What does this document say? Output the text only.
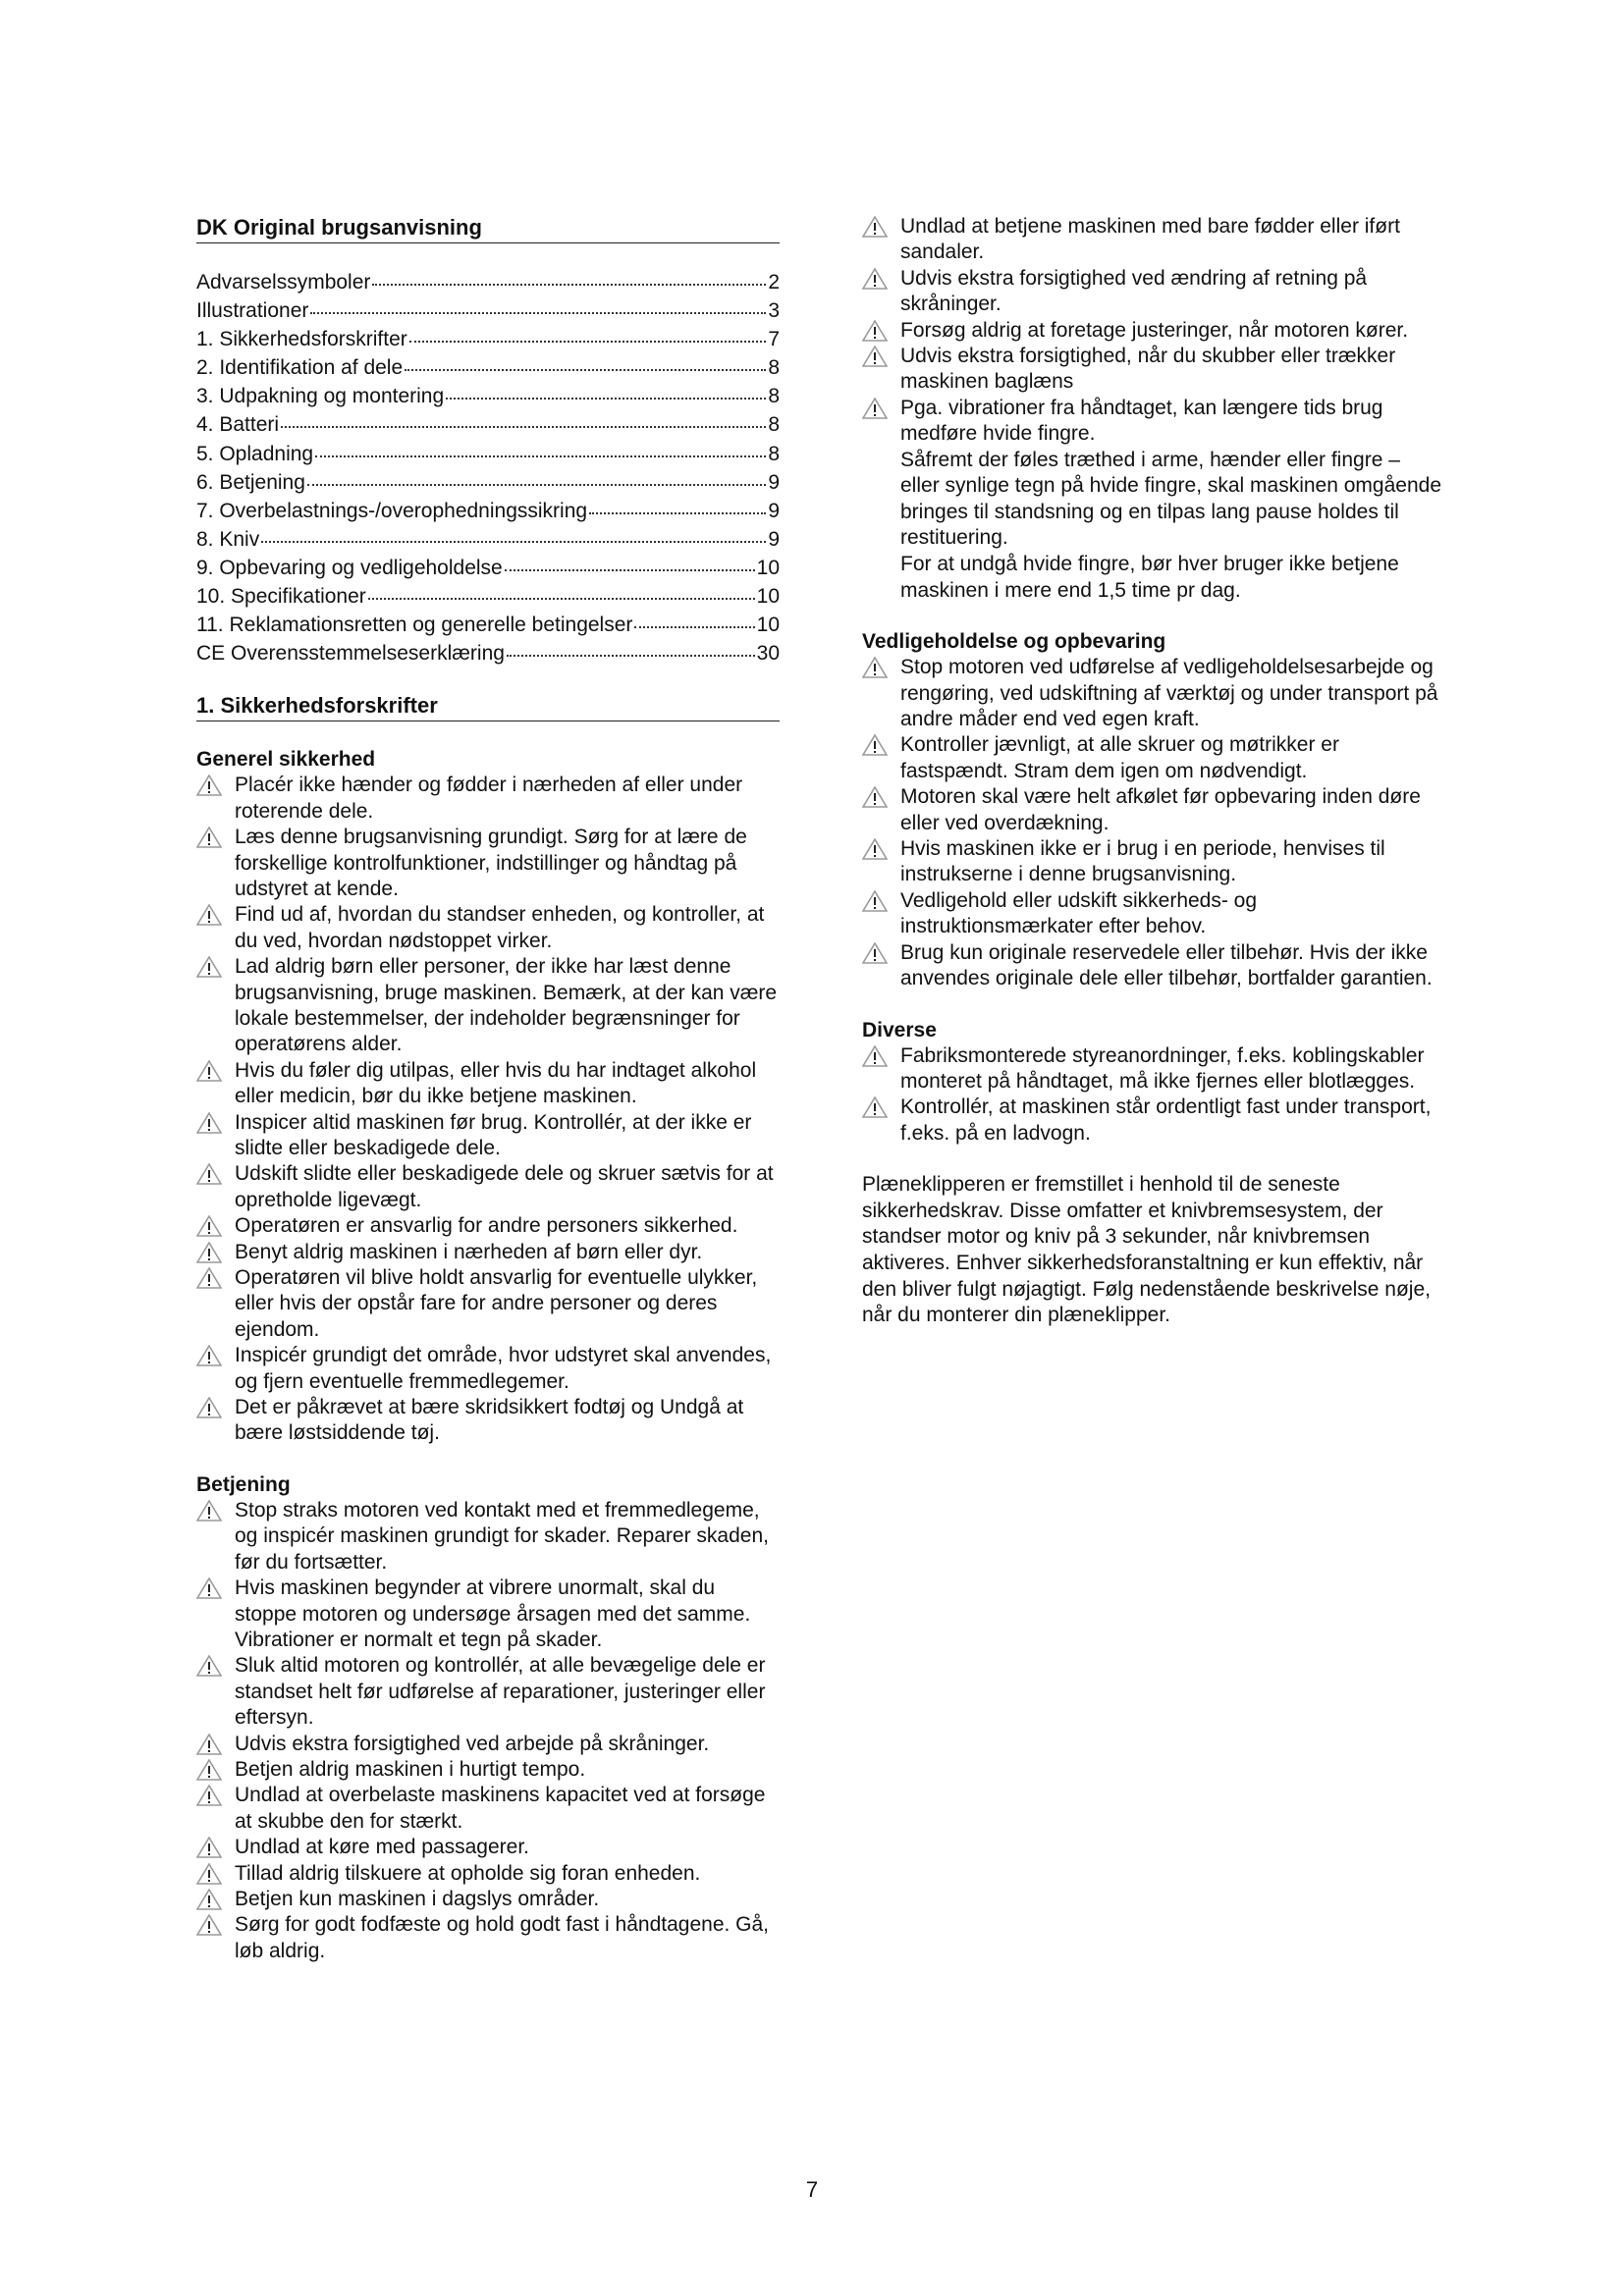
DK Original brugsanvisning
Advarselssymboler	2
Illustrationer	3
1. Sikkerhedsforskrifter	7
2. Identifikation af dele	8
3. Udpakning og montering	8
4. Batteri	8
5. Opladning	8
6. Betjening	9
7. Overbelastnings-/overophedningssikring	9
8. Kniv	9
9. Opbevaring og vedligeholdelse	10
10. Specifikationer	10
11. Reklamationsretten og generelle betingelser	10
CE Overensstemmelseserklæring	30
1. Sikkerhedsforskrifter
Generel sikkerhed
Placér ikke hænder og fødder i nærheden af eller under roterende dele.
Læs denne brugsanvisning grundigt. Sørg for at lære de forskellige kontrolfunktioner, indstillinger og håndtag på udstyret at kende.
Find ud af, hvordan du standser enheden, og kontroller, at du ved, hvordan nødstoppet virker.
Lad aldrig børn eller personer, der ikke har læst denne brugsanvisning, bruge maskinen. Bemærk, at der kan være lokale bestemmelser, der indeholder begrænsninger for operatørens alder.
Hvis du føler dig utilpas, eller hvis du har indtaget alkohol eller medicin, bør du ikke betjene maskinen.
Inspicer altid maskinen før brug. Kontrollér, at der ikke er slidte eller beskadigede dele.
Udskift slidte eller beskadigede dele og skruer sætvis for at opretholde ligevægt.
Operatøren er ansvarlig for andre personers sikkerhed.
Benyt aldrig maskinen i nærheden af børn eller dyr.
Operatøren vil blive holdt ansvarlig for eventuelle ulykker, eller hvis der opstår fare for andre personer og deres ejendom.
Inspicér grundigt det område, hvor udstyret skal anvendes, og fjern eventuelle fremmedlegemer.
Det er påkrævet at bære skridsikkert fodtøj og Undgå at bære løstsiddende tøj.
Betjening
Stop straks motoren ved kontakt med et fremmedlegeme, og inspicér maskinen grundigt for skader. Reparer skaden, før du fortsætter.
Hvis maskinen begynder at vibrere unormalt, skal du stoppe motoren og undersøge årsagen med det samme. Vibrationer er normalt et tegn på skader.
Sluk altid motoren og kontrollér, at alle bevægelige dele er standset helt før udførelse af reparationer, justeringer eller eftersyn.
Udvis ekstra forsigtighed ved arbejde på skråninger.
Betjen aldrig maskinen i hurtigt tempo.
Undlad at overbelaste maskinens kapacitet ved at forsøge at skubbe den for stærkt.
Undlad at køre med passagerer.
Tillad aldrig tilskuere at opholde sig foran enheden.
Betjen kun maskinen i dagslys områder.
Sørg for godt fodfæste og hold godt fast i håndtagene. Gå, løb aldrig.
Undlad at betjene maskinen med bare fødder eller iført sandaler.
Udvis ekstra forsigtighed ved ændring af retning på skråninger.
Forsøg aldrig at foretage justeringer, når motoren kører.
Udvis ekstra forsigtighed, når du skubber eller trækker maskinen baglæns
Pga. vibrationer fra håndtaget, kan længere tids brug medføre hvide fingre.

Såfremt der føles træthed i arme, hænder eller fingre – eller synlige tegn på hvide fingre, skal maskinen omgående bringes til standsning og en tilpas lang pause holdes til restituering.

For at undgå hvide fingre, bør hver bruger ikke betjene maskinen i mere end 1,5 time pr dag.

Vedligeholdelse og opbevaring
Stop motoren ved udførelse af vedligeholdelsesarbejde og rengøring, ved udskiftning af værktøj og under transport på andre måder end ved egen kraft.
Kontroller jævnligt, at alle skruer og møtrikker er fastspændt. Stram dem igen om nødvendigt.
Motoren skal være helt afkølet før opbevaring inden døre eller ved overdækning.
Hvis maskinen ikke er i brug i en periode, henvises til instrukserne i denne brugsanvisning.
Vedligehold eller udskift sikkerheds- og instruktionsmærkater efter behov.
Brug kun originale reservedele eller tilbehør. Hvis der ikke anvendes originale dele eller tilbehør, bortfalder garantien.
Diverse
Fabriksmonterede styreanordninger, f.eks. koblingskabler monteret på håndtaget, må ikke fjernes eller blotlægges.
Kontrollér, at maskinen står ordentligt fast under transport, f.eks. på en ladvogn.

Plæneklipperen er fremstillet i henhold til de seneste sikkerhedskrav. Disse omfatter et knivbremsesystem, der standser motor og kniv på 3 sekunder, når knivbremsen aktiveres. Enhver sikkerhedsforanstaltning er kun effektiv, når den bliver fulgt nøjagtigt. Følg nedenstående beskrivelse nøje, når du monterer din plæneklipper.

7
